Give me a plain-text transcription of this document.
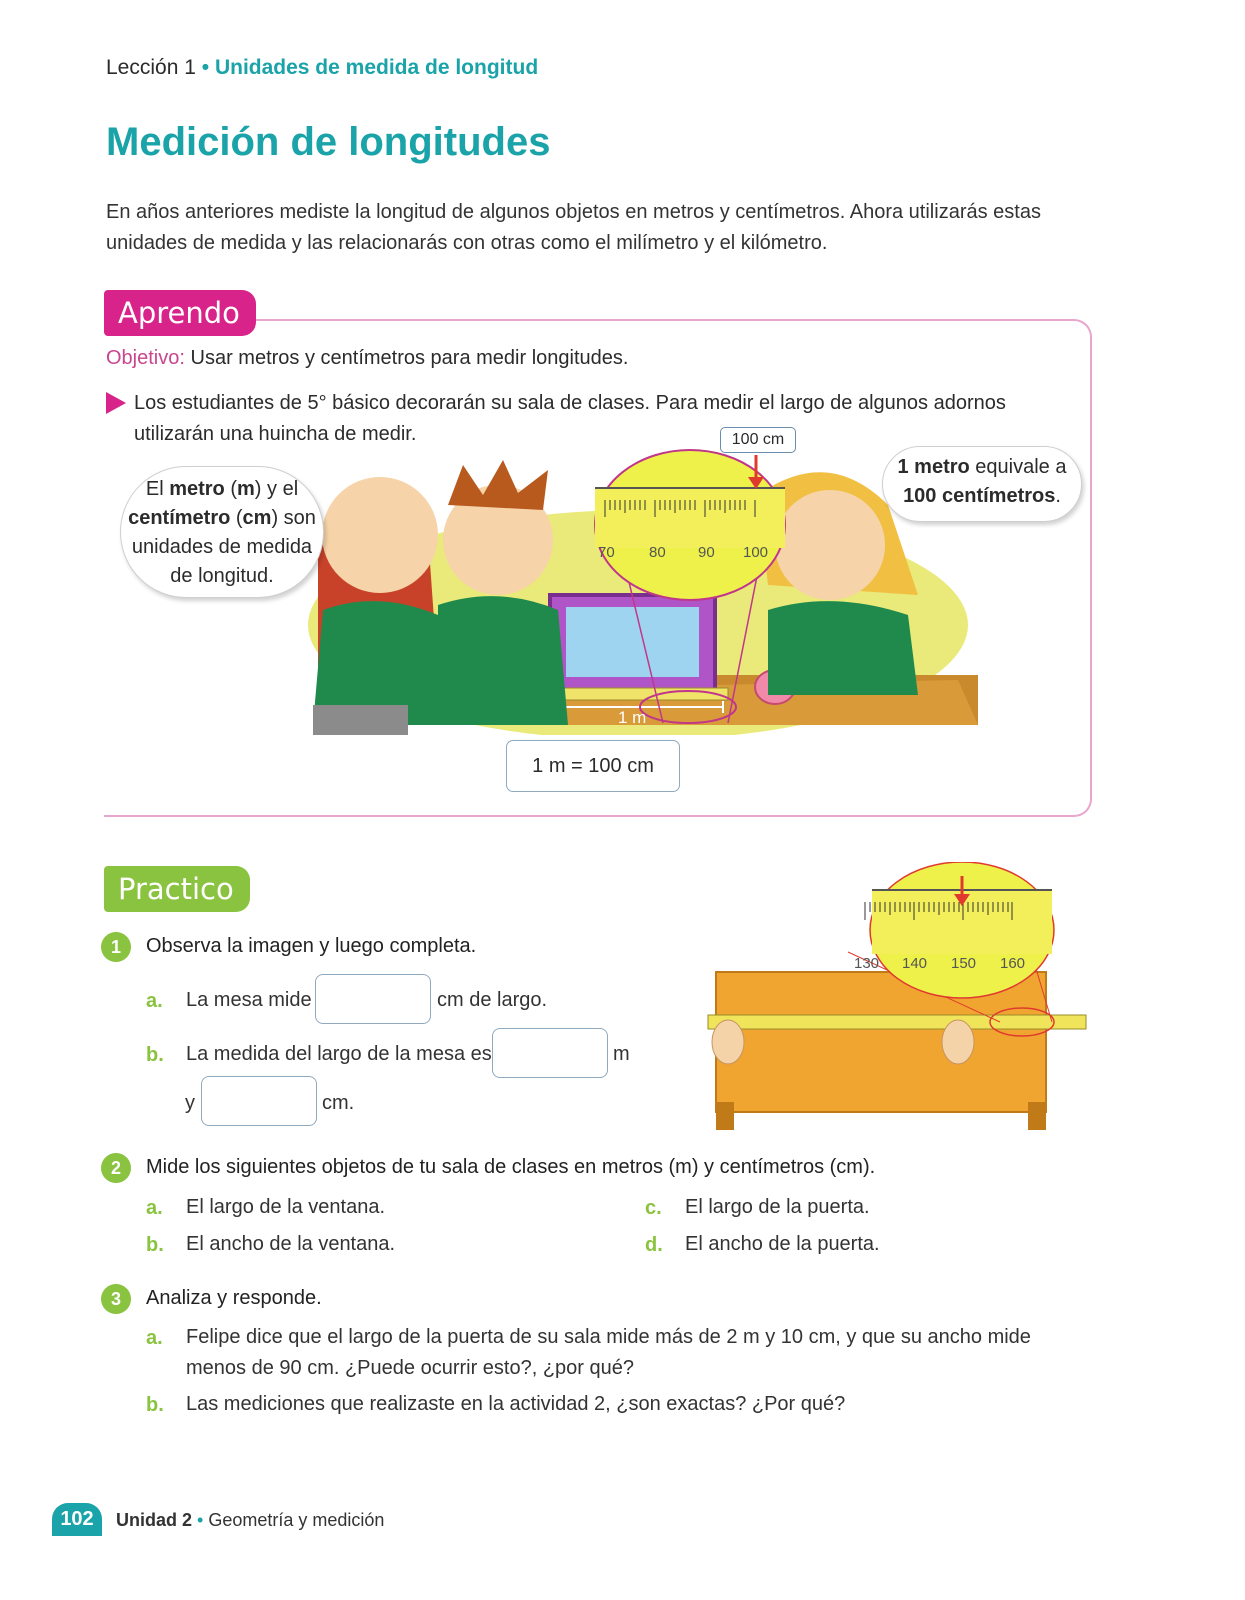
Lección 1 • Unidades de medida de longitud
Medición de longitudes
En años anteriores mediste la longitud de algunos objetos en metros y centímetros. Ahora utilizarás estas unidades de medida y las relacionarás con otras como el milímetro y el kilómetro.
Aprendo
Objetivo: Usar metros y centímetros para medir longitudes.
Los estudiantes de 5° básico decorarán su sala de clases. Para medir el largo de algunos adornos utilizarán una huincha de medir.
70 80 90 100
1 m
100 cm
El metro (m) y el
centímetro (cm) son
unidades de medida
de longitud.
1 metro equivale a
100 centímetros.
1 m = 100 cm
Practico
1	Observa la imagen y luego completa.
a. La mesa mide	cm de largo.
b. La medida del largo de la mesa es	m
y	cm.
130 140 150 160
2	Mide los siguientes objetos de tu sala de clases en metros (m) y centímetros (cm).
a. El largo de la ventana.
b. El ancho de la ventana.
c. El largo de la puerta.
d. El ancho de la puerta.
3	Analiza y responde.
a. Felipe dice que el largo de la puerta de su sala mide más de 2 m y 10 cm, y que su ancho mide menos de 90 cm. ¿Puede ocurrir esto?, ¿por qué?
b. Las mediciones que realizaste en la actividad 2, ¿son exactas? ¿Por qué?
102	Unidad 2 • Geometría y medición
